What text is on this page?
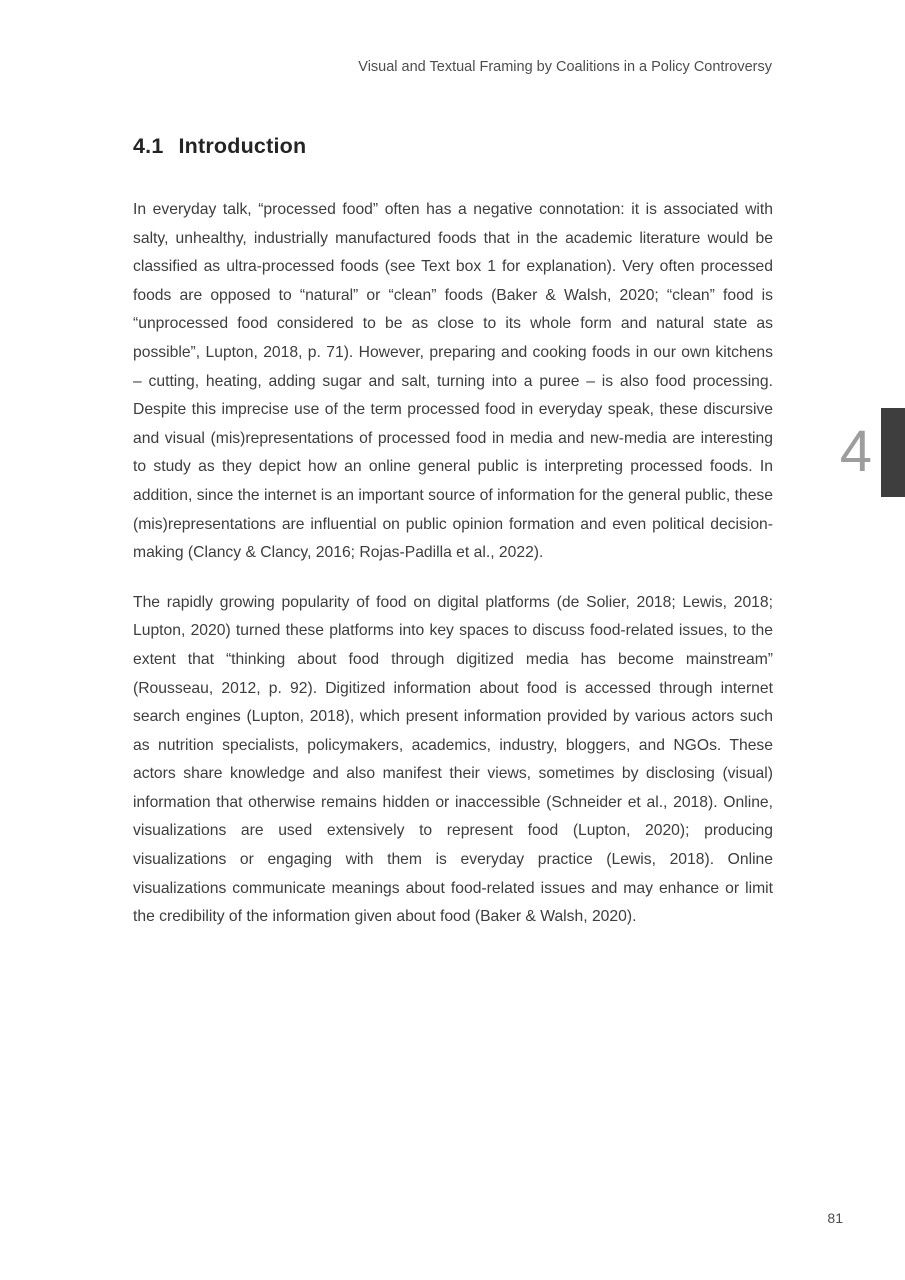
Visual and Textual Framing by Coalitions in a Policy Controversy
4.1 Introduction

In everyday talk, “processed food” often has a negative connotation: it is associated with salty, unhealthy, industrially manufactured foods that in the academic literature would be classified as ultra-processed foods (see Text box 1 for explanation). Very often processed foods are opposed to “natural” or “clean” foods (Baker & Walsh, 2020; “clean” food is “unprocessed food considered to be as close to its whole form and natural state as possible”, Lupton, 2018, p. 71). However, preparing and cooking foods in our own kitchens – cutting, heating, adding sugar and salt, turning into a puree – is also food processing. Despite this imprecise use of the term processed food in everyday speak, these discursive and visual (mis)representations of processed food in media and new-media are interesting to study as they depict how an online general public is interpreting processed foods. In addition, since the internet is an important source of information for the general public, these (mis)representations are influential on public opinion formation and even political decision-making (Clancy & Clancy, 2016; Rojas-Padilla et al., 2022).

The rapidly growing popularity of food on digital platforms (de Solier, 2018; Lewis, 2018; Lupton, 2020) turned these platforms into key spaces to discuss food-related issues, to the extent that “thinking about food through digitized media has become mainstream” (Rousseau, 2012, p. 92). Digitized information about food is accessed through internet search engines (Lupton, 2018), which present information provided by various actors such as nutrition specialists, policymakers, academics, industry, bloggers, and NGOs. These actors share knowledge and also manifest their views, sometimes by disclosing (visual) information that otherwise remains hidden or inaccessible (Schneider et al., 2018). Online, visualizations are used extensively to represent food (Lupton, 2020); producing visualizations or engaging with them is everyday practice (Lewis, 2018). Online visualizations communicate meanings about food-related issues and may enhance or limit the credibility of the information given about food (Baker & Walsh, 2020).

4
81
